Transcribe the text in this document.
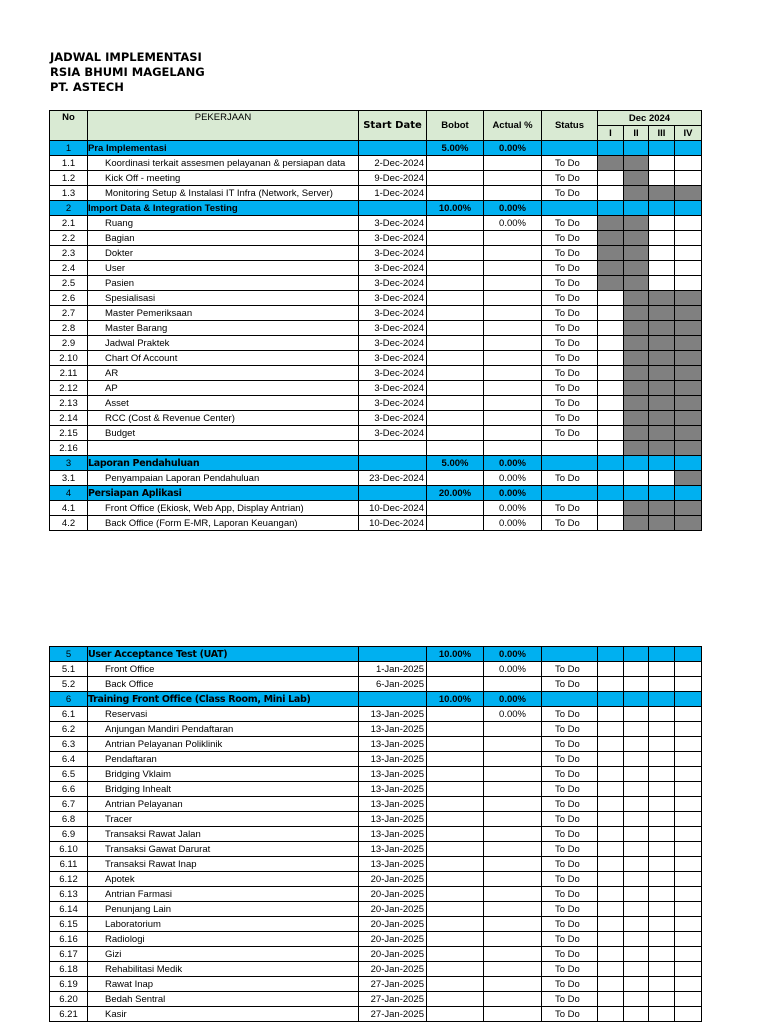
JADWAL IMPLEMENTASI
RSIA BHUMI MAGELANG
PT. ASTECH
No	PEKERJAAN	Start Date	Bobot	Actual %	Status	Dec 2024			
						I	II	III	IV
1	Pra Implementasi		5.00%	0.00%					
1.1	Koordinasi terkait assesmen pelayanan & persiapan data	2-Dec-2024			To Do				
1.2	Kick Off - meeting	9-Dec-2024			To Do				
1.3	Monitoring Setup & Instalasi IT Infra (Network, Server)	1-Dec-2024			To Do				
2	Import Data & Integration Testing		10.00%	0.00%					
2.1	Ruang	3-Dec-2024		0.00%	To Do				
2.2	Bagian	3-Dec-2024			To Do				
2.3	Dokter	3-Dec-2024			To Do				
2.4	User	3-Dec-2024			To Do				
2.5	Pasien	3-Dec-2024			To Do				
2.6	Spesialisasi	3-Dec-2024			To Do				
2.7	Master Pemeriksaan	3-Dec-2024			To Do				
2.8	Master Barang	3-Dec-2024			To Do				
2.9	Jadwal Praktek	3-Dec-2024			To Do				
2.10	Chart Of Account	3-Dec-2024			To Do				
2.11	AR	3-Dec-2024			To Do				
2.12	AP	3-Dec-2024			To Do				
2.13	Asset	3-Dec-2024			To Do				
2.14	RCC (Cost & Revenue Center)	3-Dec-2024			To Do				
2.15	Budget	3-Dec-2024			To Do				
2.16									
3	Laporan Pendahuluan		5.00%	0.00%					
3.1	Penyampaian Laporan Pendahuluan	23-Dec-2024		0.00%	To Do				
4	Persiapan Aplikasi		20.00%	0.00%					
4.1	Front Office (Ekiosk, Web App, Display Antrian)	10-Dec-2024		0.00%	To Do				
4.2	Back Office (Form E-MR, Laporan Keuangan)	10-Dec-2024		0.00%	To Do				
5	User Acceptance Test (UAT)		10.00%	0.00%					
5.1	Front Office	1-Jan-2025		0.00%	To Do				
5.2	Back Office	6-Jan-2025			To Do				
6	Training Front Office (Class Room, Mini Lab)		10.00%	0.00%					
6.1	Reservasi	13-Jan-2025		0.00%	To Do				
6.2	Anjungan Mandiri Pendaftaran	13-Jan-2025			To Do				
6.3	Antrian Pelayanan Poliklinik	13-Jan-2025			To Do				
6.4	Pendaftaran	13-Jan-2025			To Do				
6.5	Bridging Vklaim	13-Jan-2025			To Do				
6.6	Bridging Inhealt	13-Jan-2025			To Do				
6.7	Antrian Pelayanan	13-Jan-2025			To Do				
6.8	Tracer	13-Jan-2025			To Do				
6.9	Transaksi Rawat Jalan	13-Jan-2025			To Do				
6.10	Transaksi Gawat Darurat	13-Jan-2025			To Do				
6.11	Transaksi Rawat Inap	13-Jan-2025			To Do				
6.12	Apotek	20-Jan-2025			To Do				
6.13	Antrian Farmasi	20-Jan-2025			To Do				
6.14	Penunjang Lain	20-Jan-2025			To Do				
6.15	Laboratorium	20-Jan-2025			To Do				
6.16	Radiologi	20-Jan-2025			To Do				
6.17	Gizi	20-Jan-2025			To Do				
6.18	Rehabilitasi Medik	20-Jan-2025			To Do				
6.19	Rawat Inap	27-Jan-2025			To Do				
6.20	Bedah Sentral	27-Jan-2025			To Do				
6.21	Kasir	27-Jan-2025			To Do				
